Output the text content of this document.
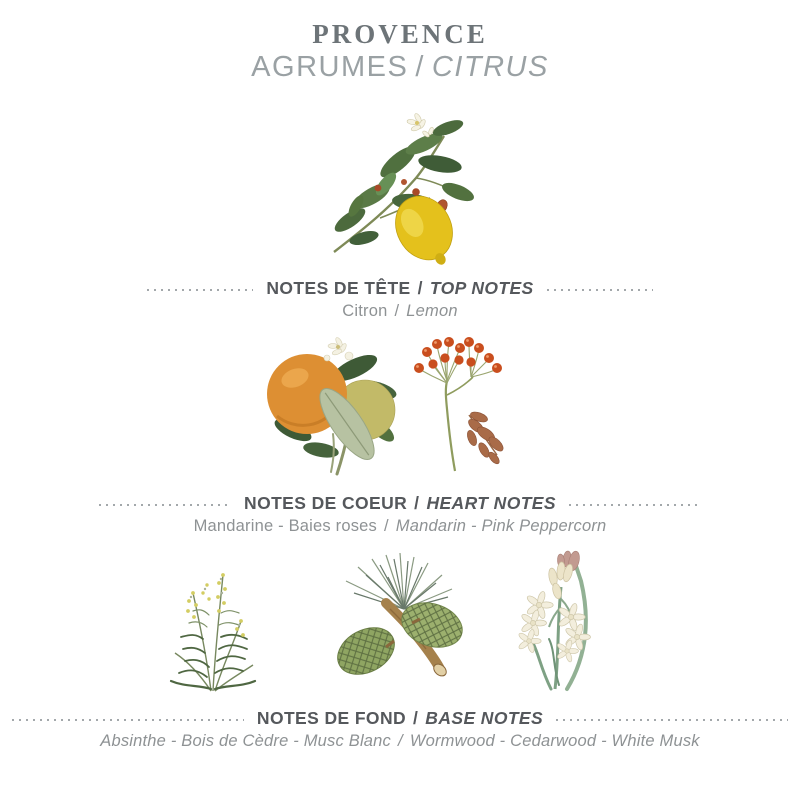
PROVENCE
AGRUMES / CITRUS
NOTES DE TÊTE / TOP NOTES
Citron / Lemon
NOTES DE COEUR / HEART NOTES
Mandarine - Baies roses / Mandarin - Pink Peppercorn
NOTES DE FOND / BASE NOTES
Absinthe - Bois de Cèdre - Musc Blanc / Wormwood - Cedarwood - White Musk
